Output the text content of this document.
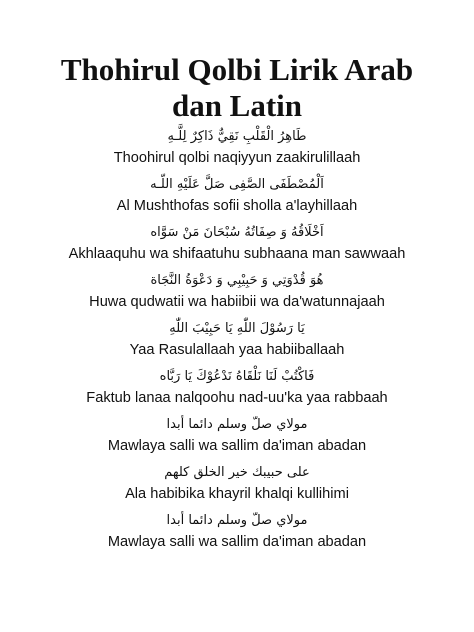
Thohirul Qolbi Lirik Arab
dan Latin
طَاهِرُ الْقَلْبِ نَقِيٌّ ذَاكِرٌ لِلَّـهِ
Thoohirul qolbi naqiyyun zaakirulillaah
اَلْمُصْطَفَى الصَّفِى صَلَّ عَلَيْهِ اللّـه
Al Mushthofas sofii sholla a'layhillaah
اَخْلَاقُهُ وَ صِفَاتُهُ سُبْحَانَ مَنْ سَوَّاه
Akhlaaquhu wa shifaatuhu subhaana man sawwaah
هُوَ قُدْوَتِي وَ حَبِيْبِي وَ دَعْوَةُ النَّجَاة
Huwa qudwatii wa habiibii wa da'watunnajaah
يَا رَسُوْلَ اللّٰهِ يَا حَبِيْبَ اللّٰهِ
Yaa Rasulallaah yaa habiiballaah
فَاكْتُبْ لَنَا نَلْقَاهُ نَدْعُوْكَ يَا رَبَّاه
Faktub lanaa nalqoohu nad-uu'ka yaa rabbaah
مولاي صلّ وسلم دائما أبدا
Mawlaya salli wa sallim da'iman abadan
على حبيبك خير الخلق كلهم
Ala habibika khayril khalqi kullihimi
مولاي صلّ وسلم دائما أبدا
Mawlaya salli wa sallim da'iman abadan
